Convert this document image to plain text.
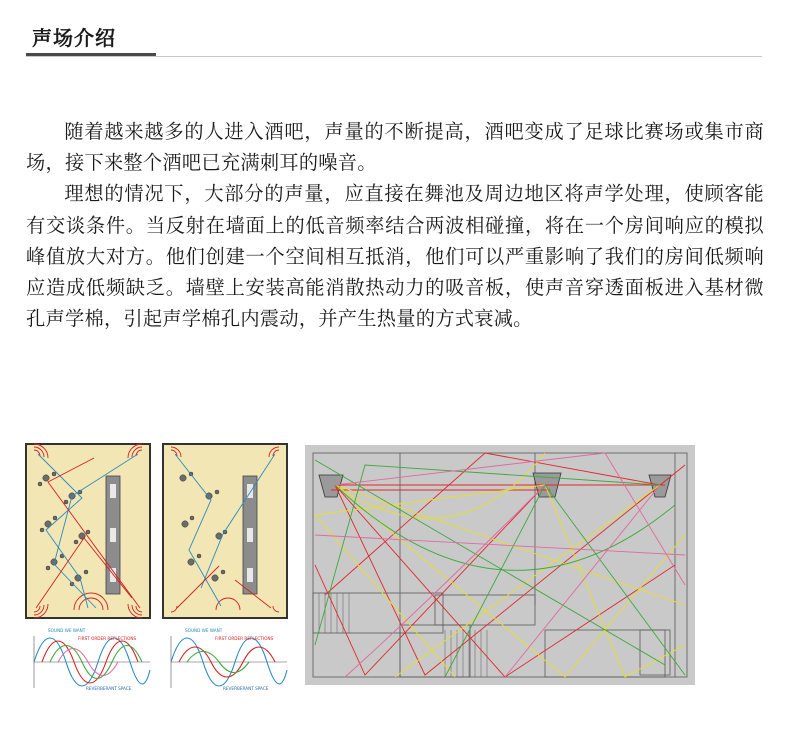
声场介绍

随着越来越多的人进入酒吧，声量的不断提高，酒吧变成了足球比赛场或集市商场，接下来整个酒吧已充满刺耳的噪音。

理想的情况下，大部分的声量，应直接在舞池及周边地区将声学处理，使顾客能有交谈条件。当反射在墙面上的低音频率结合两波相碰撞，将在一个房间响应的模拟峰值放大对方。他们创建一个空间相互抵消，他们可以严重影响了我们的房间低频响应造成低频缺乏。墙壁上安装高能消散热动力的吸音板，使声音穿透面板进入基材微孔声学棉，引起声学棉孔内震动，并产生热量的方式衰减。

SOUND WE WANT
FIRST ORDER REFLECTIONS
REVERBERANT SPACE
SOUND WE WANT
FIRST ORDER REFLECTIONS
REVERBERANT SPACE
